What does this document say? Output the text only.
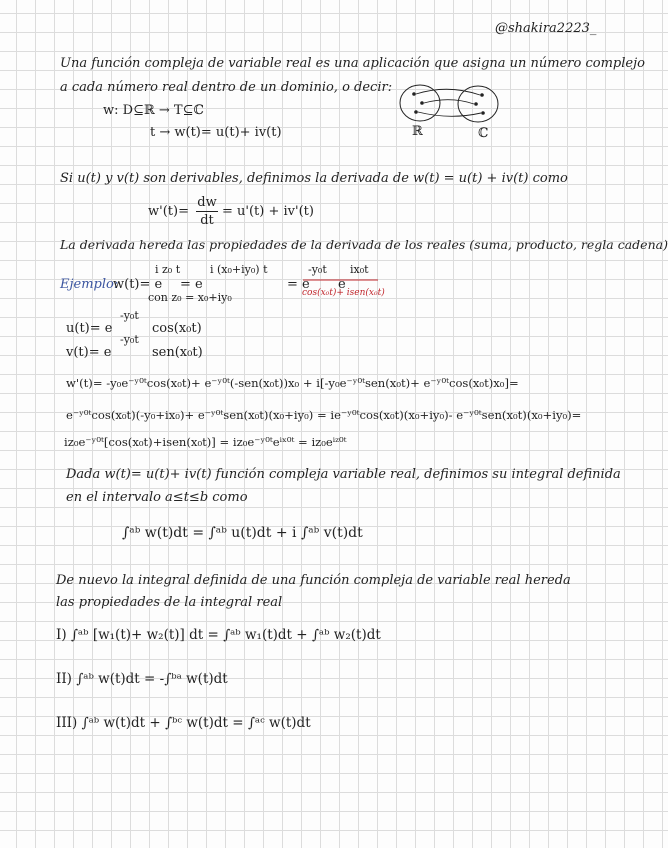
@shakira2223_
Una función compleja de variable real es una aplicación que asigna un número complejo
a cada número real dentro de un dominio, o decir:
w: D⊆ℝ → T⊆ℂ
t → w(t)= u(t)+ iv(t)	ℝ	ℂ
Si u(t) y v(t) son derivables, definimos la derivada de w(t) = u(t) + iv(t) como
w'(t)=
dw
dt
= u'(t) + iv'(t)
La derivada hereda las propiedades de la derivada de los reales (suma, producto, regla cadena)
Ejemplo:
w(t)= e
i z₀ t
= e
i (x₀+iy₀) t
= e
-y₀t
e
ix₀t
con z₀ = x₀+iy₀	cos(x₀t)+ isen(x₀t)
u(t)= e
-y₀t
cos(x₀t)
v(t)= e
-y₀t
sen(x₀t)
w'(t)= -y₀e⁻ʸ⁰ᵗcos(x₀t)+ e⁻ʸ⁰ᵗ(-sen(x₀t))x₀ + i[-y₀e⁻ʸ⁰ᵗsen(x₀t)+ e⁻ʸ⁰ᵗcos(x₀t)x₀]=
e⁻ʸ⁰ᵗcos(x₀t)(-y₀+ix₀)+ e⁻ʸ⁰ᵗsen(x₀t)(x₀+iy₀) = ie⁻ʸ⁰ᵗcos(x₀t)(x₀+iy₀)- e⁻ʸ⁰ᵗsen(x₀t)(x₀+iy₀)=
iz₀e⁻ʸ⁰ᵗ[cos(x₀t)+isen(x₀t)] = iz₀e⁻ʸ⁰ᵗeⁱˣ⁰ᵗ = iz₀eⁱᶻ⁰ᵗ
Dada w(t)= u(t)+ iv(t) función compleja variable real, definimos su integral definida
en el intervalo a≤t≤b como
∫ᵃᵇ w(t)dt = ∫ᵃᵇ u(t)dt + i ∫ᵃᵇ v(t)dt
De nuevo la integral definida de una función compleja de variable real hereda
las propiedades de la integral real
I) ∫ᵃᵇ [w₁(t)+ w₂(t)] dt = ∫ᵃᵇ w₁(t)dt + ∫ᵃᵇ w₂(t)dt
II) ∫ᵃᵇ w(t)dt = -∫ᵇᵃ w(t)dt
III) ∫ᵃᵇ w(t)dt + ∫ᵇᶜ w(t)dt = ∫ᵃᶜ w(t)dt
